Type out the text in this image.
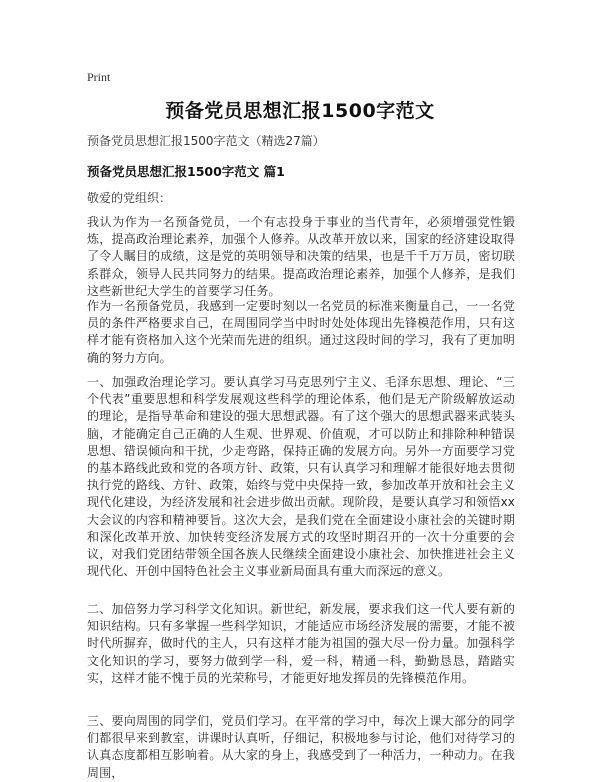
Print
预备党员思想汇报1500字范文

预备党员思想汇报1500字范文（精选27篇）

预备党员思想汇报1500字范文 篇1

敬爱的党组织：

我认为作为一名预备党员，一个有志投身于事业的当代青年，必须增强党性锻炼，提高政治理论素养，加强个人修养。从改革开放以来，国家的经济建设取得了令人瞩目的成绩，这是党的英明领导和决策的结果，也是千千万万员，密切联系群众，领导人民共同努力的结果。提高政治理论素养，加强个人修养，是我们这些新世纪大学生的首要学习任务。

作为一名预备党员，我感到一定要时刻以一名党员的标准来衡量自己，一一名党员的条件严格要求自己，在周围同学当中时时处处体现出先锋模范作用，只有这样才能有资格加入这个光荣而先进的组织。通过这段时间的学习，我有了更加明确的努力方向。

一、加强政治理论学习。要认真学习马克思列宁主义、毛泽东思想、理论、“三个代表”重要思想和科学发展观这些科学的理论体系，他们是无产阶级解放运动的理论，是指导革命和建设的强大思想武器。有了这个强大的思想武器来武装头脑，才能确定自己正确的人生观、世界观、价值观，才可以防止和排除种种错误思想、错误倾向和干扰，少走弯路，保持正确的发展方向。另外一方面要学习党的基本路线此致和党的各项方针、政策，只有认真学习和理解才能很好地去贯彻执行党的路线、方针、政策，始终与党中央保持一致，参加改革开放和社会主义现代化建设，为经济发展和社会进步做出贡献。现阶段，是要认真学习和领悟xx大会议的内容和精神要旨。这次大会，是我们党在全面建设小康社会的关键时期和深化改革开放、加快转变经济发展方式的攻坚时期召开的一次十分重要的会议，对我们党团结带领全国各族人民继续全面建设小康社会、加快推进社会主义现代化、开创中国特色社会主义事业新局面具有重大而深远的意义。

二、加倍努力学习科学文化知识。新世纪，新发展，要求我们这一代人要有新的知识结构。只有多掌握一些科学知识，才能适应市场经济发展的需要，才能不被时代所摒弃，做时代的主人，只有这样才能为祖国的强大尽一份力量。加强科学文化知识的学习，要努力做到学一科，爱一科，精通一科，勤勤恳恳，踏踏实实，这样才能不愧于员的光荣称号，才能更好地发挥员的先锋模范作用。

三、要向周围的同学们，党员们学习。在平常的学习中，每次上课大部分的同学们都很早来到教室，讲课时认真听，仔细记，积极地参与讨论，他们对待学习的认真态度都相互影响着。从大家的身上，我感受到了一种活力，一种动力。在我周围，
